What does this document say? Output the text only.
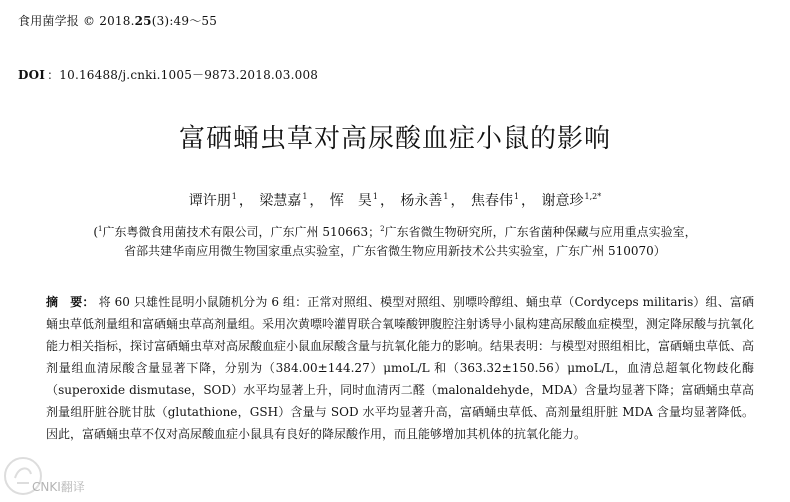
食用菌学报 © 2018.25(3):49～55
DOI ：10.16488/j.cnki.1005－9873.2018.03.008
富硒蛹虫草对高尿酸血症小鼠的影响
谭许朋$^1$ ， 梁慧嘉$^1$ ， 恽　昊$^1$ ， 杨永善$^1$ ， 焦春伟$^1$ ， 谢意珍$^{1,2*}$
($^1$广东粤微食用菌技术有限公司，广东广州 510663；$^2$广东省微生物研究所，广东省菌种保藏与应用重点实验室，
省部共建华南应用微生物国家重点实验室，广东省微生物应用新技术公共实验室，广东广州 510070）
摘　要： 将 60 只雄性昆明小鼠随机分为 6 组：正常对照组、模型对照组、别嘌呤醇组、蛹虫草（Cordyceps militaris）组、富硒蛹虫草低剂量组和富硒蛹虫草高剂量组。采用次黄嘌呤灌胃联合氧嗪酸钾腹腔注射诱导小鼠构建高尿酸血症模型，测定降尿酸与抗氧化能力相关指标，探讨富硒蛹虫草对高尿酸血症小鼠血尿酸含量与抗氧化能力的影响。结果表明：与模型对照组相比，富硒蛹虫草低、高剂量组血清尿酸含量显著下降，分别为（384.00±144.27）μmoL/L 和（363.32±150.56）μmoL/L，血清总超氧化物歧化酶（superoxide dismutase，SOD）水平均显著上升，同时血清丙二醛（malonaldehyde，MDA）含量均显著下降；富硒蛹虫草高剂量组肝脏谷胱甘肽（glutathione，GSH）含量与 SOD 水平均显著升高，富硒蛹虫草低、高剂量组肝脏 MDA 含量均显著降低。因此，富硒蛹虫草不仅对高尿酸血症小鼠具有良好的降尿酸作用，而且能够增加其机体的抗氧化能力。
CNKI翻译
